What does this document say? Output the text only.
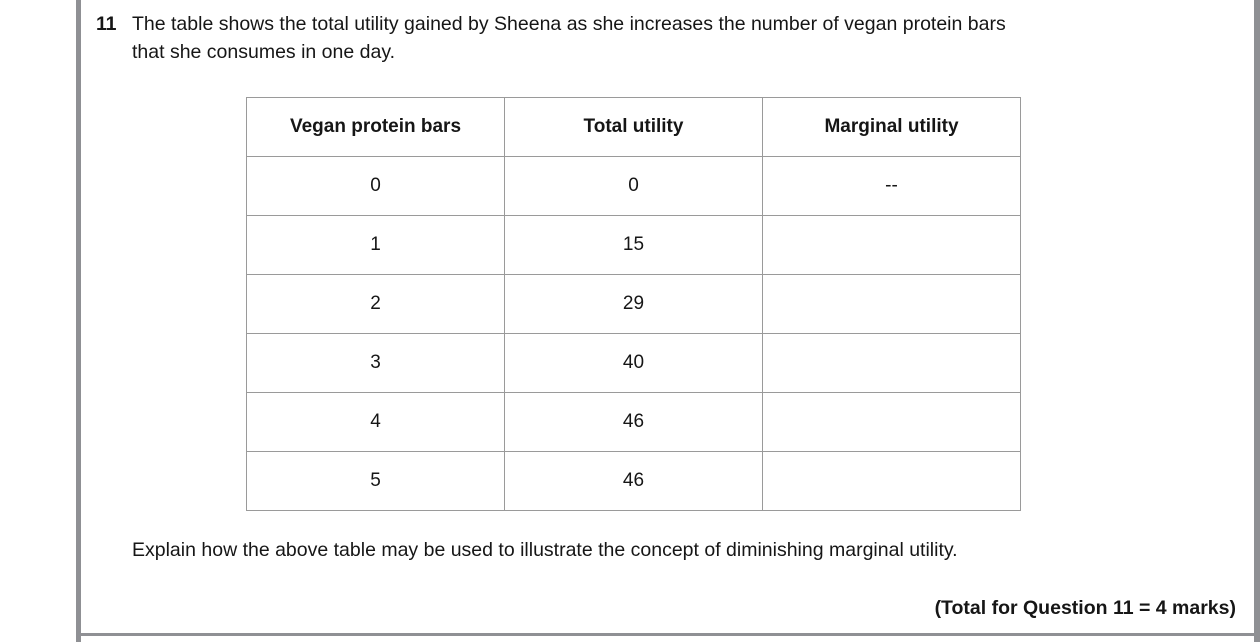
11 The table shows the total utility gained by Sheena as she increases the number of vegan protein bars that she consumes in one day.
Vegan protein bars	Total utility	Marginal utility
0	0	--
1	15	
2	29	
3	40	
4	46	
5	46	
Explain how the above table may be used to illustrate the concept of diminishing marginal utility.
(Total for Question 11 = 4 marks)
